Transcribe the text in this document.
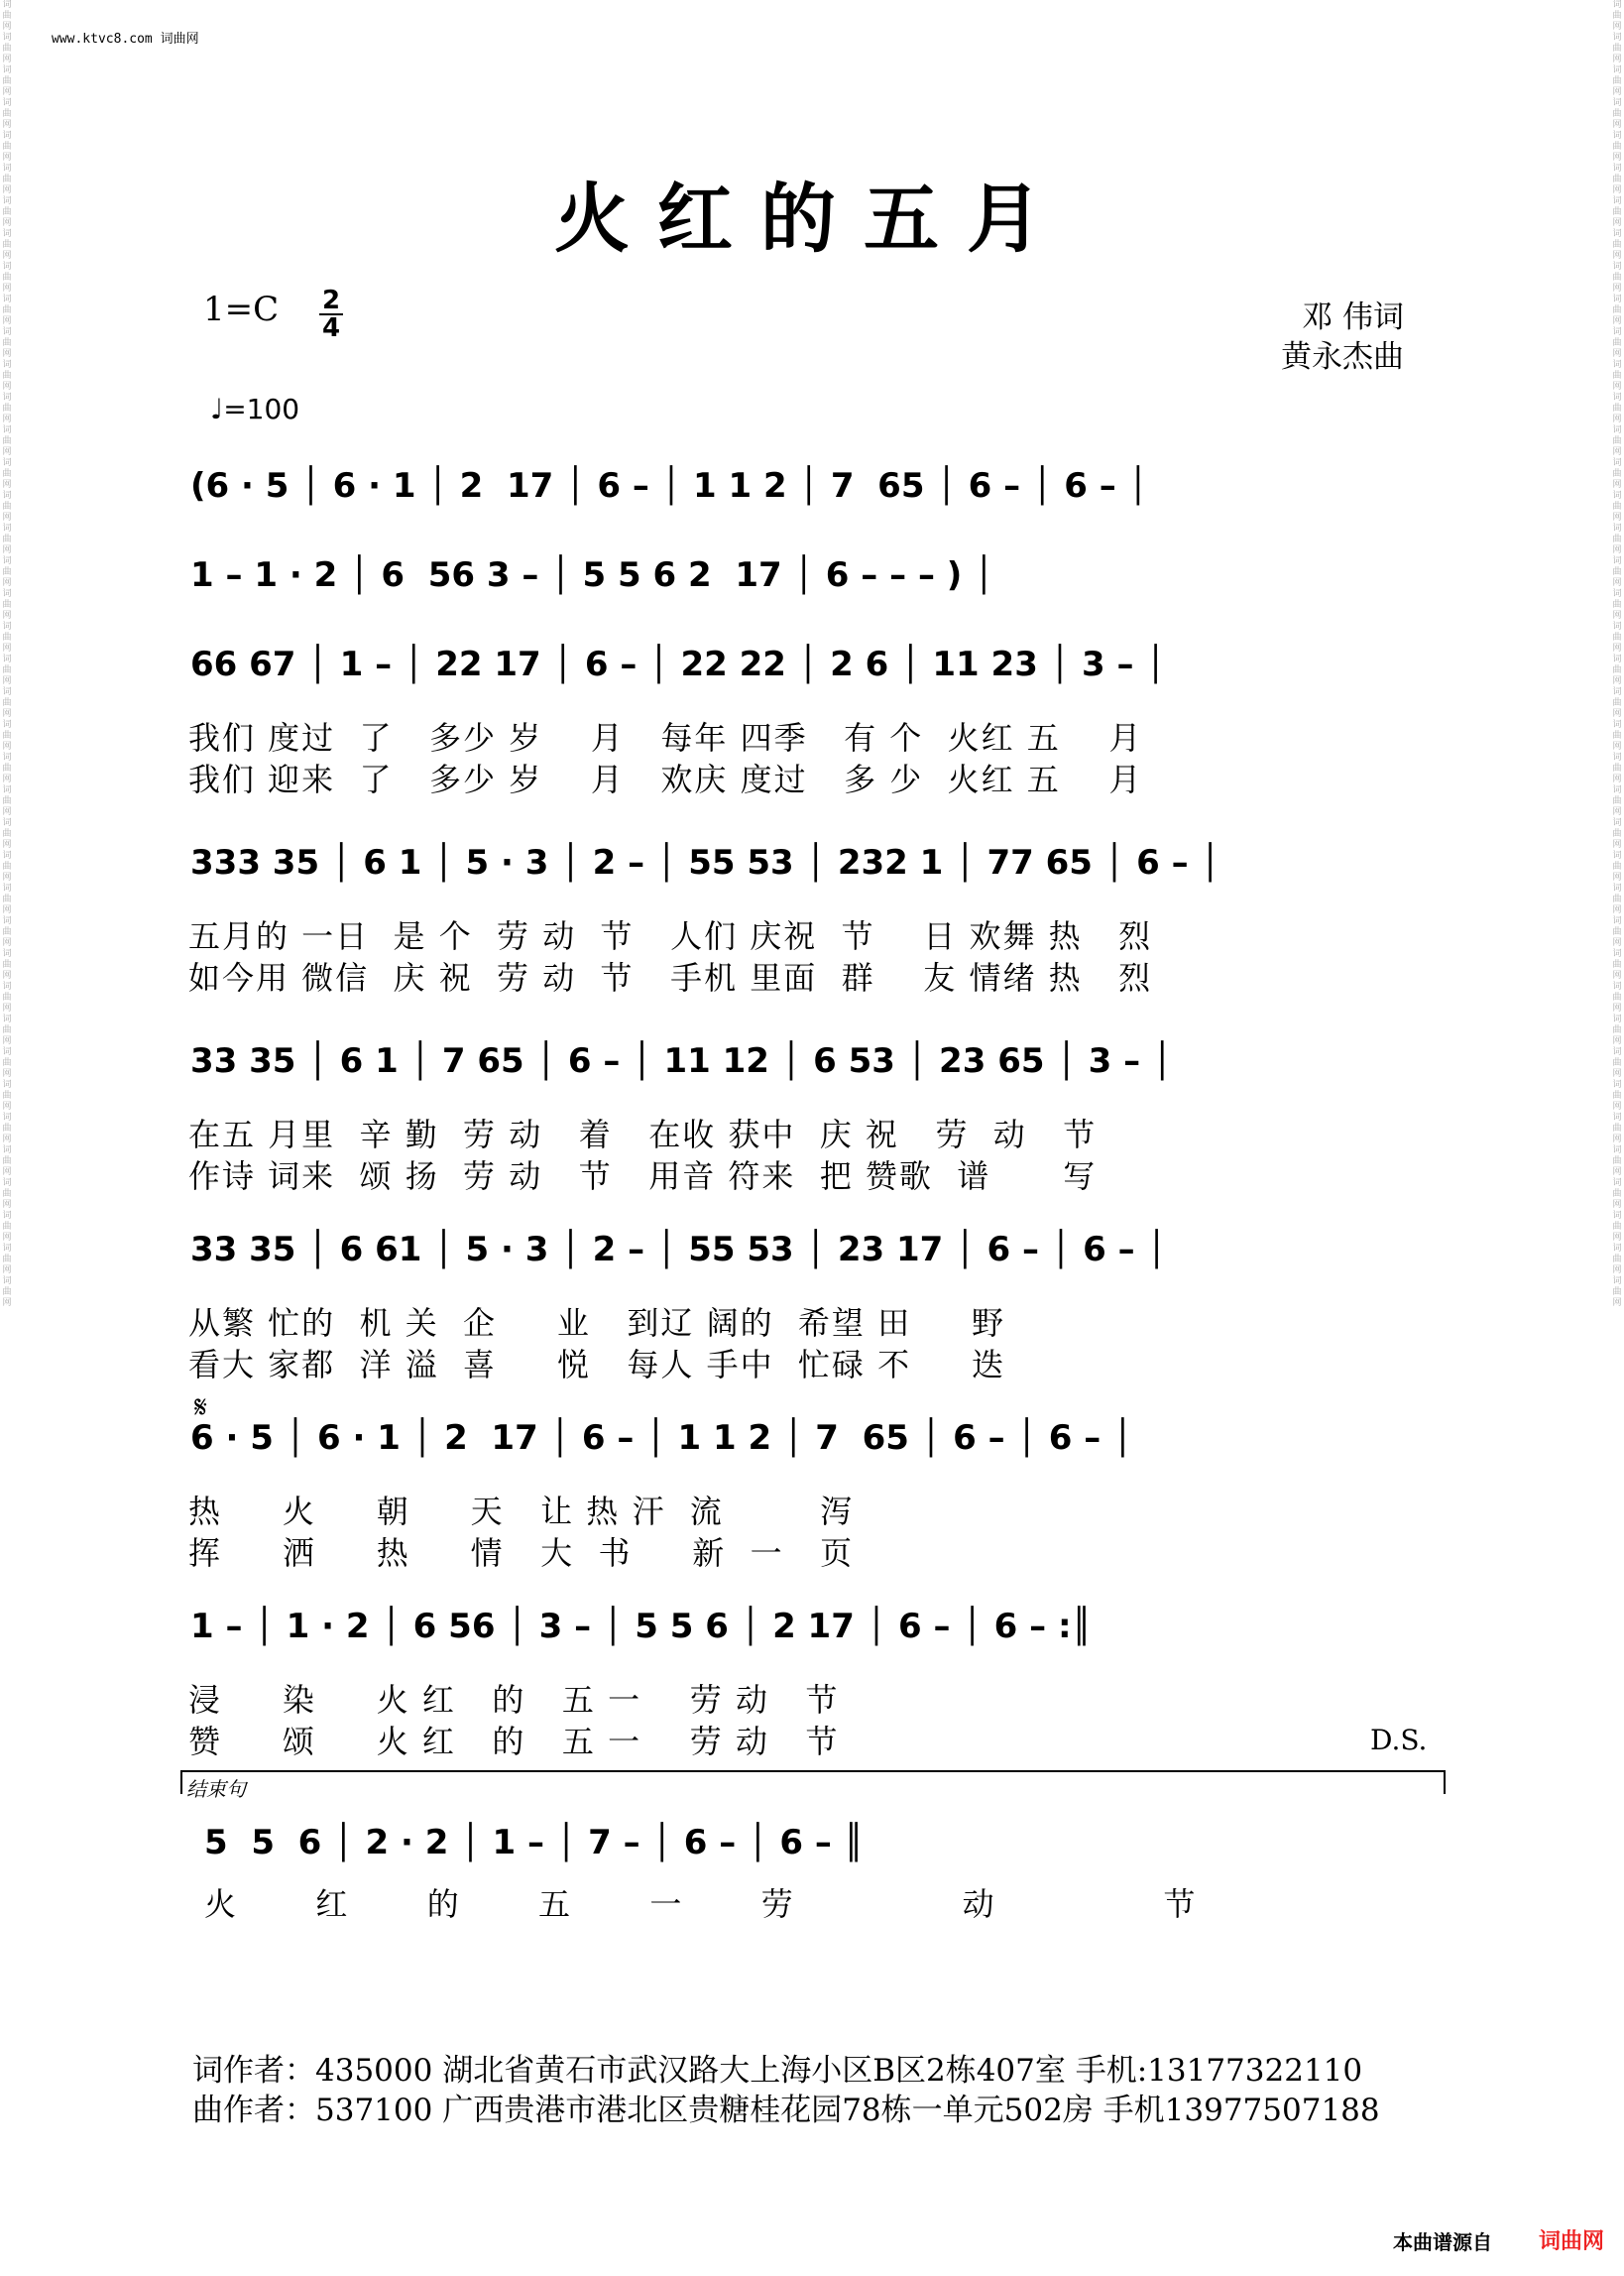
www.ktvc8.com 词曲网
词曲网词曲网词曲网词曲网词曲网词曲网词曲网词曲网词曲网词曲网词曲网词曲网词曲网词曲网词曲网词曲网词曲网词曲网词曲网词曲网词曲网词曲网词曲网词曲网词曲网词曲网词曲网词曲网词曲网词曲网词曲网词曲网词曲网词曲网词曲网词曲网词曲网词曲网词曲网词曲网
词曲网词曲网词曲网词曲网词曲网词曲网词曲网词曲网词曲网词曲网词曲网词曲网词曲网词曲网词曲网词曲网词曲网词曲网词曲网词曲网词曲网词曲网词曲网词曲网词曲网词曲网词曲网词曲网词曲网词曲网词曲网词曲网词曲网词曲网词曲网词曲网词曲网词曲网词曲网词曲网
火红的五月
$1=C \frac{2}{4}$
♩=100
邓 伟词
黄永杰曲
(6 · 5 │ 6 · 1 │ 2  17 │ 6 – │ 1 1 2 │ 7  65 │ 6 – │ 6 – │
1 – 1 · 2 │ 6  56 3 – │ 5 5 6 2  17 │ 6 – – – ) │
66 67 │ 1 – │ 22 17 │ 6 – │ 22 22 │ 2 6 │ 11 23 │ 3 – │
我们 度过  了   多少 岁    月   每年 四季   有 个  火红 五    月
我们 迎来  了   多少 岁    月   欢庆 度过   多 少  火红 五    月
333 35 │ 6 1 │ 5 · 3 │ 2 – │ 55 53 │ 232 1 │ 77 65 │ 6 – │
五月的 一日  是 个  劳 动  节   人们 庆祝  节    日 欢舞 热   烈
如今用 微信  庆 祝  劳 动  节   手机 里面  群    友 情绪 热   烈
33 35 │ 6 1 │ 7 65 │ 6 – │ 11 12 │ 6 53 │ 23 65 │ 3 – │
在五 月里  辛 勤  劳 动   着   在收 获中  庆 祝   劳  动   节
作诗 词来  颂 扬  劳 动   节   用音 符来  把 赞歌  谱      写
33 35 │ 6 61 │ 5 · 3 │ 2 – │ 55 53 │ 23 17 │ 6 – │ 6 – │
从繁 忙的  机 关  企     业   到辽 阔的  希望 田     野
看大 家都  洋 溢  喜     悦   每人 手中  忙碌 不     迭
6 · 5 │ 6 · 1 │ 2  17 │ 6 – │ 1 1 2 │ 7  65 │ 6 – │ 6 – │
热     火     朝     天   让 热 汗  流        泻
挥     洒     热     情   大  书     新  一   页
1 – │ 1 · 2 │ 6 56 │ 3 – │ 5 5 6 │ 2 17 │ 6 – │ 6 – :║
浸     染     火 红   的   五 一    劳 动   节
赞     颂     火 红   的   五 一    劳 动   节
𝄋
结束句
5  5  6 │ 2 · 2 │ 1 – │ 7 – │ 6 – │ 6 – ║
火  红  的  五  一  劳     动     节
D.S.
词作者：435000 湖北省黄石市武汉路大上海小区B区2栋407室 手机:13177322110
曲作者：537100 广西贵港市港北区贵糖桂花园78栋一单元502房 手机13977507188
本曲谱源自 词曲网
